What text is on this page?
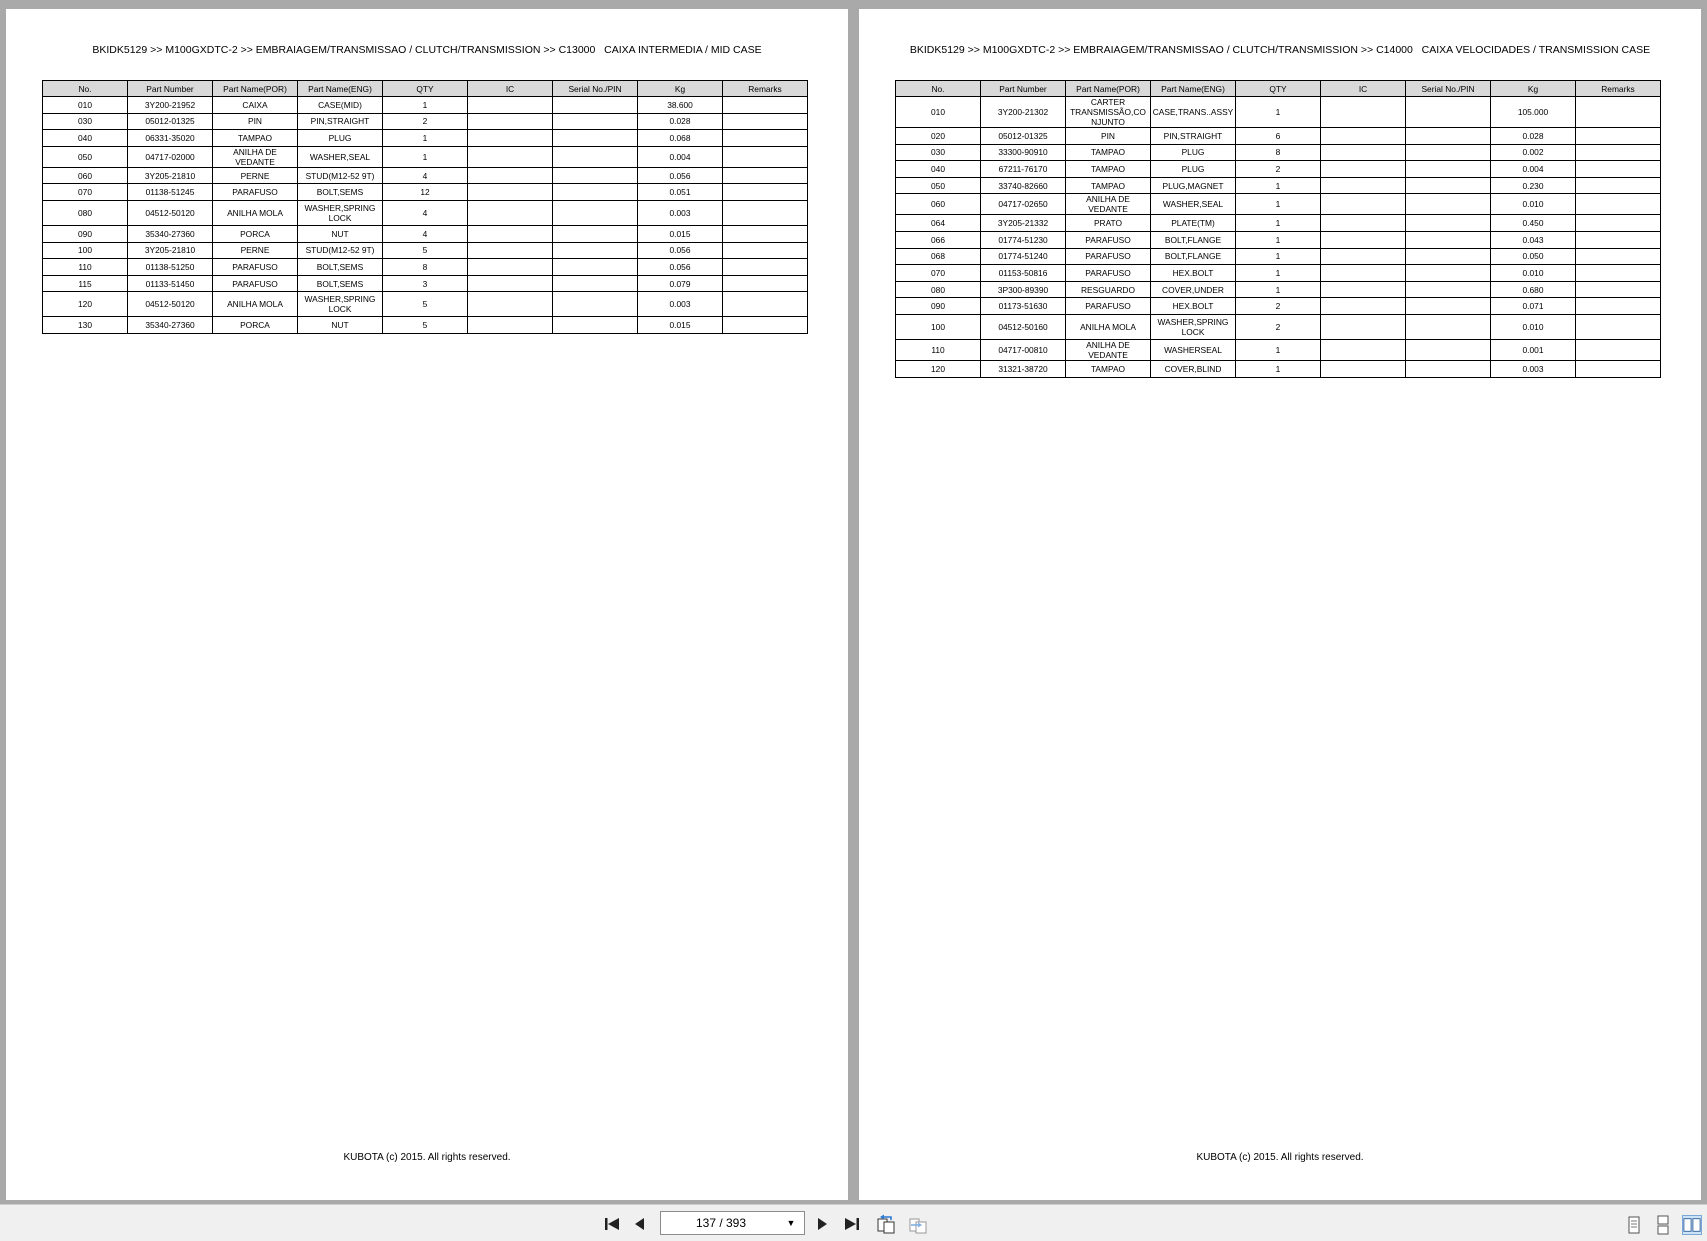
BKIDK5129 >> M100GXDTC-2 >> EMBRAIAGEM/TRANSMISSAO / CLUTCH/TRANSMISSION >> C13000   CAIXA INTERMEDIA / MID CASE
No.	Part Number	Part Name(POR)	Part Name(ENG)	QTY	IC	Serial No./PIN	Kg	Remarks
010	3Y200-21952	CAIXA	CASE(MID)	1			38.600	
030	05012-01325	PIN	PIN,STRAIGHT	2			0.028	
040	06331-35020	TAMPAO	PLUG	1			0.068	
050	04717-02000	ANILHA DE VEDANTE	WASHER,SEAL	1			0.004	
060	3Y205-21810	PERNE	STUD(M12-52 9T)	4			0.056	
070	01138-51245	PARAFUSO	BOLT,SEMS	12			0.051	
080	04512-50120	ANILHA MOLA	WASHER,SPRING LOCK	4			0.003	
090	35340-27360	PORCA	NUT	4			0.015	
100	3Y205-21810	PERNE	STUD(M12-52 9T)	5			0.056	
110	01138-51250	PARAFUSO	BOLT,SEMS	8			0.056	
115	01133-51450	PARAFUSO	BOLT,SEMS	3			0.079	
120	04512-50120	ANILHA MOLA	WASHER,SPRING LOCK	5			0.003	
130	35340-27360	PORCA	NUT	5			0.015	
KUBOTA (c) 2015. All rights reserved.
BKIDK5129 >> M100GXDTC-2 >> EMBRAIAGEM/TRANSMISSAO / CLUTCH/TRANSMISSION >> C14000   CAIXA VELOCIDADES / TRANSMISSION CASE
No.	Part Number	Part Name(POR)	Part Name(ENG)	QTY	IC	Serial No./PIN	Kg	Remarks
010	3Y200-21302	CARTER TRANSMISSÃO,CO NJUNTO	CASE,TRANS..ASSY	1			105.000	
020	05012-01325	PIN	PIN,STRAIGHT	6			0.028	
030	33300-90910	TAMPAO	PLUG	8			0.002	
040	67211-76170	TAMPAO	PLUG	2			0.004	
050	33740-82660	TAMPAO	PLUG,MAGNET	1			0.230	
060	04717-02650	ANILHA DE VEDANTE	WASHER,SEAL	1			0.010	
064	3Y205-21332	PRATO	PLATE(TM)	1			0.450	
066	01774-51230	PARAFUSO	BOLT,FLANGE	1			0.043	
068	01774-51240	PARAFUSO	BOLT,FLANGE	1			0.050	
070	01153-50816	PARAFUSO	HEX.BOLT	1			0.010	
080	3P300-89390	RESGUARDO	COVER,UNDER	1			0.680	
090	01173-51630	PARAFUSO	HEX.BOLT	2			0.071	
100	04512-50160	ANILHA MOLA	WASHER,SPRING LOCK	2			0.010	
110	04717-00810	ANILHA DE VEDANTE	WASHERSEAL	1			0.001	
120	31321-38720	TAMPAO	COVER,BLIND	1			0.003	
KUBOTA (c) 2015. All rights reserved.
137 / 393
▼
